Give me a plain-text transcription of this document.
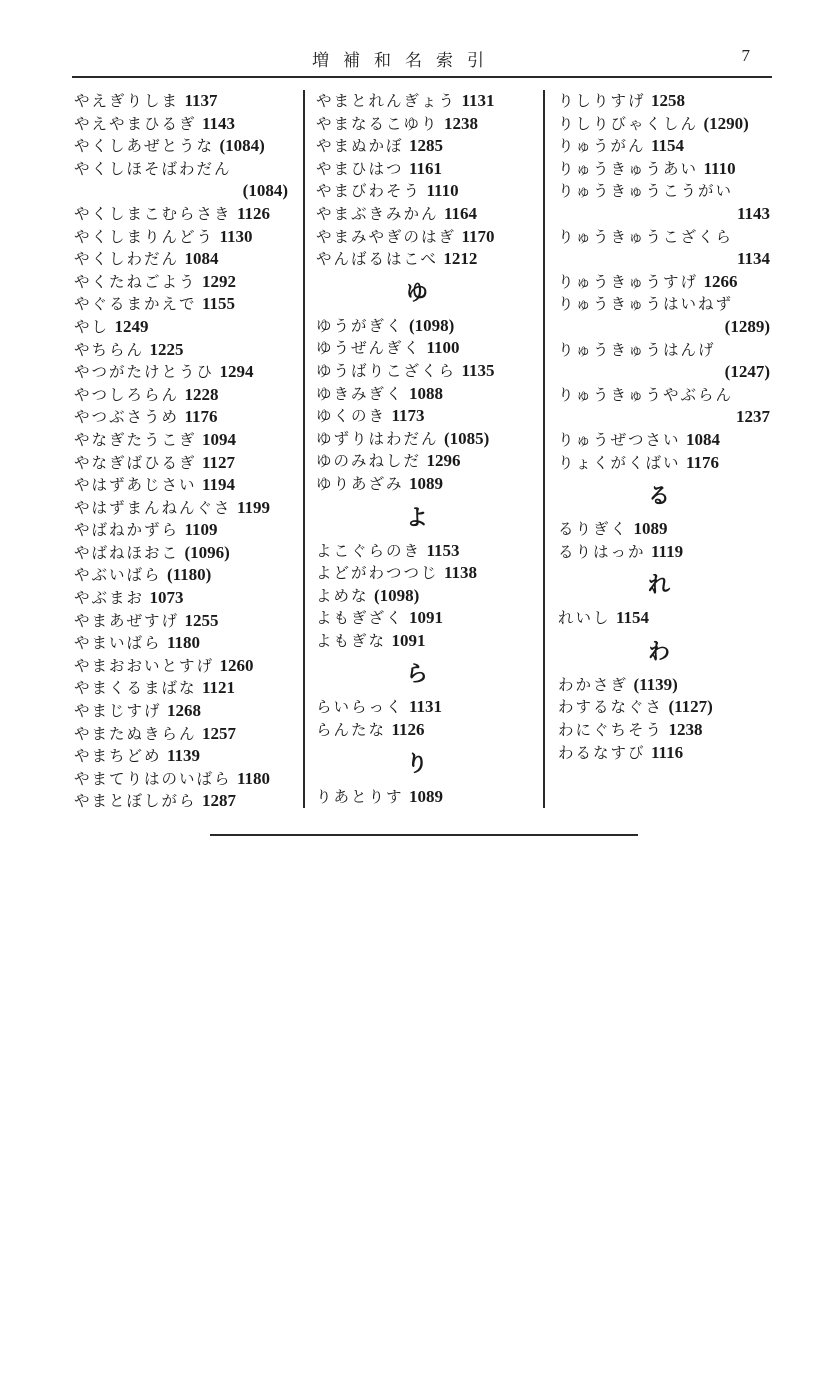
増補和名索引	7
やえぎりしま 1137
やえやまひるぎ 1143
やくしあぜとうな (1084)
やくしほそばわだん
(1084)
やくしまこむらさき 1126
やくしまりんどう 1130
やくしわだん 1084
やくたねごよう 1292
やぐるまかえで 1155
やし 1249
やちらん 1225
やつがたけとうひ 1294
やつしろらん 1228
やつぶさうめ 1176
やなぎたうこぎ 1094
やなぎばひるぎ 1127
やはずあじさい 1194
やはずまんねんぐさ 1199
やばねかずら 1109
やばねほおこ (1096)
やぶいばら (1180)
やぶまお 1073
やまあぜすげ 1255
やまいばら 1180
やまおおいとすげ 1260
やまくるまばな 1121
やまじすげ 1268
やまたぬきらん 1257
やまちどめ 1139
やまてりはのいばら 1180
やまとぼしがら 1287
やまとれんぎょう 1131
やまなるこゆり 1238
やまぬかぼ 1285
やまひはつ 1161
やまびわそう 1110
やまぶきみかん 1164
やまみやぎのはぎ 1170
やんばるはこべ 1212
ゆ
ゆうがぎく (1098)
ゆうぜんぎく 1100
ゆうばりこざくら 1135
ゆきみぎく 1088
ゆくのき 1173
ゆずりはわだん (1085)
ゆのみねしだ 1296
ゆりあざみ 1089
よ
よこぐらのき 1153
よどがわつつじ 1138
よめな (1098)
よもぎざく 1091
よもぎな 1091
ら
らいらっく 1131
らんたな 1126
り
りあとりす 1089
りしりすげ 1258
りしりびゃくしん (1290)
りゅうがん 1154
りゅうきゅうあい 1110
りゅうきゅうこうがい
1143
りゅうきゅうこざくら
1134
りゅうきゅうすげ 1266
りゅうきゅうはいねず
(1289)
りゅうきゅうはんげ
(1247)
りゅうきゅうやぶらん
1237
りゅうぜつさい 1084
りょくがくばい 1176
る
るりぎく 1089
るりはっか 1119
れ
れいし 1154
わ
わかさぎ (1139)
わするなぐさ (1127)
わにぐちそう 1238
わるなすび 1116
